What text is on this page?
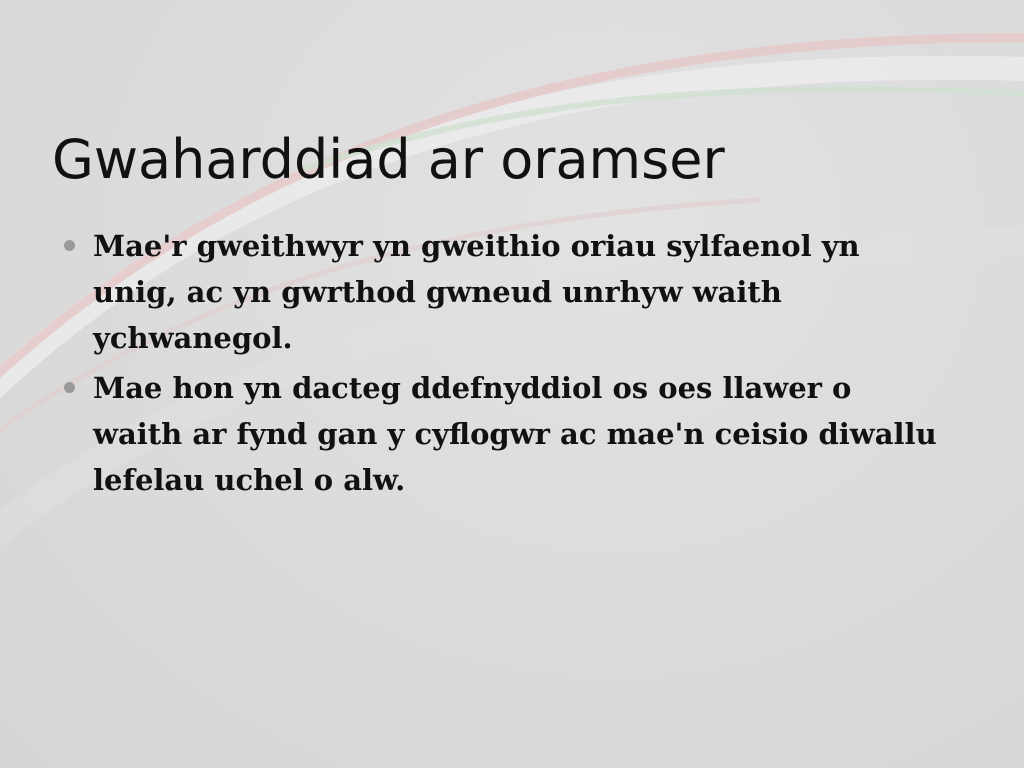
Gwaharddiad ar oramser
Mae'r gweithwyr yn gweithio oriau sylfaenol yn unig, ac yn gwrthod gwneud unrhyw waith ychwanegol.
Mae hon yn dacteg ddefnyddiol os oes llawer o waith ar fynd gan y cyflogwr ac mae'n ceisio diwallu lefelau uchel o alw.
